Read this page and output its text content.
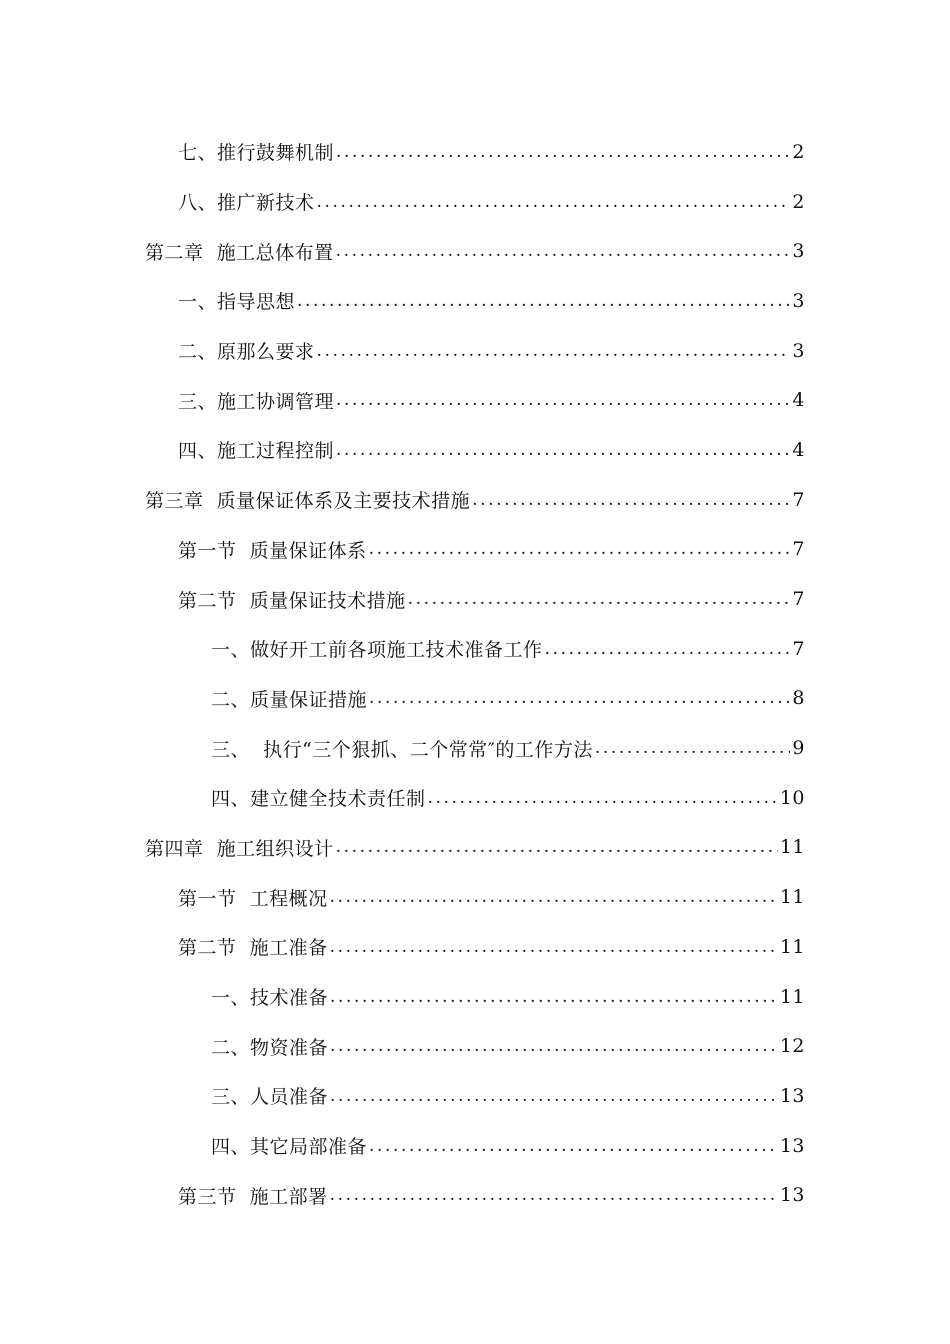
七、推行鼓舞机制 .....	2
八、推广新技术 .....	2
第二章  施工总体布置 .....	3
一、指导思想 .....	3
二、原那么要求 .....	3
三、施工协调管理 .....	4
四、施工过程控制 .....	4
第三章  质量保证体系及主要技术措施 .....	7
第一节  质量保证体系 .....	7
第二节  质量保证技术措施 .....	7
一、做好开工前各项施工技术准备工作 .....	7
二、质量保证措施 .....	8
三、  执行“三个狠抓、二个常常″的工作方法 .....	9
四、建立健全技术责任制 .....	10
第四章  施工组织设计 .....	11
第一节  工程概况 .....	11
第二节  施工准备 .....	11
一、技术准备 .....	11
二、物资准备 .....	12
三、人员准备 .....	13
四、其它局部准备 .....	13
第三节  施工部署 .....	13
